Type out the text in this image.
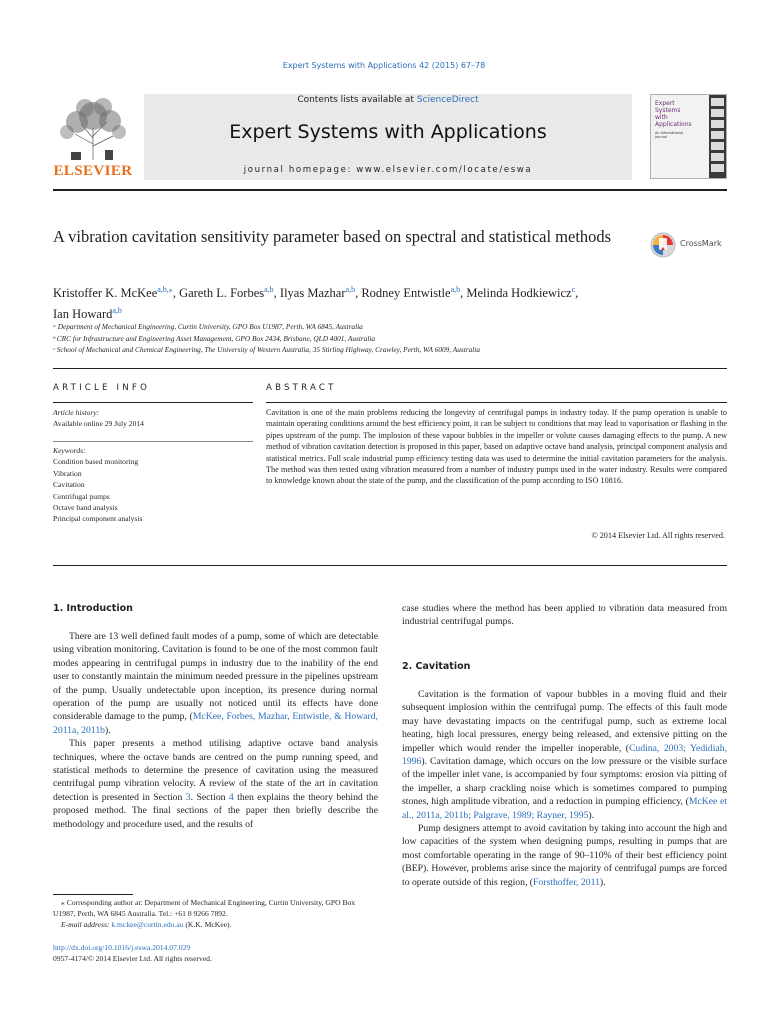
Expert Systems with Applications 42 (2015) 67–78
ELSEVIER
Contents lists available at ScienceDirect
Expert Systems with Applications
journal homepage: www.elsevier.com/locate/eswa
Expert
Systems
with
Applications
An International Journal
A vibration cavitation sensitivity parameter based on spectral and statistical methods	CrossMark
Kristoffer K. McKee$^{a,b,⁎}$, Gareth L. Forbes$^{a,b}$, Ilyas Mazhar$^{a,b}$, Rodney Entwistle$^{a,b}$, Melinda Hodkiewicz$^c$,
Ian Howard$^{a,b}$
ᵃ Department of Mechanical Engineering, Curtin University, GPO Box U1987, Perth, WA 6845, Australia
ᵇ CRC for Infrastructure and Engineering Asset Management, GPO Box 2434, Brisbane, QLD 4001, Australia
ᶜ School of Mechanical and Chemical Engineering, The University of Western Australia, 35 Stirling Highway, Crawley, Perth, WA 6009, Australia
ARTICLE INFO	ABSTRACT
Article history:
Available online 29 July 2014
Keywords:
Condition based monitoring
Vibration
Cavitation
Centrifugal pumps
Octave band analysis
Principal component analysis
Cavitation is one of the main problems reducing the longevity of centrifugal pumps in industry today. If the pump operation is unable to maintain operating conditions around the best efficiency point, it can be subject to conditions that may lead to vaporisation or flashing in the pipes upstream of the pump. The implosion of these vapour bubbles in the impeller or volute causes damaging effects to the pump. A new method of vibration cavitation detection is proposed in this paper, based on adaptive octave band analysis, principal component analysis and statistical metrics. Full scale industrial pump efficiency testing data was used to determine the initial cavitation parameters for the analysis. The method was then tested using vibration measured from a number of industry pumps used in the water industry. Results were compared to knowledge known about the state of the pump, and the classification of the pump according to ISO 10816.
© 2014 Elsevier Ltd. All rights reserved.
1. Introduction

There are 13 well defined fault modes of a pump, some of which are detectable using vibration monitoring. Cavitation is found to be one of the most common fault modes appearing in centrifugal pumps in industry due to the inability of the end user to constantly maintain the minimum needed pressure in the pipelines upstream of the pump. Usually undetectable upon inception, its presence during normal operation of the pump are usually not noticed until its effects have done considerable damage to the pump, (McKee, Forbes, Mazhar, Entwistle, & Howard, 2011a, 2011b).

This paper presents a method utilising adaptive octave band analysis techniques, where the octave bands are centred on the pump running speed, and statistical methods to determine the presence of cavitation using the measured centrifugal pump vibration velocity. A review of the state of the art in cavitation detection is presented in Section 3. Section 4 then explains the theory behind the proposed method. The final sections of the paper then briefly describe the methodology and procedure used, and the results of

⁎ Corresponding author at: Department of Mechanical Engineering, Curtin University, GPO Box U1987, Perth, WA 6845 Australia. Tel.: +61 8 9266 7892.

E-mail address: k.mckee@curtin.edu.au (K.K. McKee).

http://dx.doi.org/10.1016/j.eswa.2014.07.029
0957-4174/© 2014 Elsevier Ltd. All rights reserved.

case studies where the method has been applied to vibration data measured from industrial centrifugal pumps.

2. Cavitation

Cavitation is the formation of vapour bubbles in a moving fluid and their subsequent implosion within the centrifugal pump. The effects of this fault mode may have devastating impacts on the centrifugal pump, such as extreme local heating, high local pressures, energy being released, and extensive pitting on the impeller which would render the impeller inoperable, (Cudina, 2003; Yedidiah, 1996). Cavitation damage, which occurs on the low pressure or the visible surface of the impeller inlet vane, is accompanied by four symptoms: erosion via pitting of the impeller, a sharp crackling noise which is sometimes compared to pumping stones, high amplitude vibration, and a reduction in pumping efficiency, (McKee et al., 2011a, 2011b; Palgrave, 1989; Rayner, 1995).

Pump designers attempt to avoid cavitation by taking into account the high and low capacities of the system when designing pumps, resulting in pumps that are most comfortable operating in the range of 90–110% of their best efficiency point (BEP). However, problems arise since the majority of centrifugal pumps are forced to operate outside of this region, (Forsthoffer, 2011).
